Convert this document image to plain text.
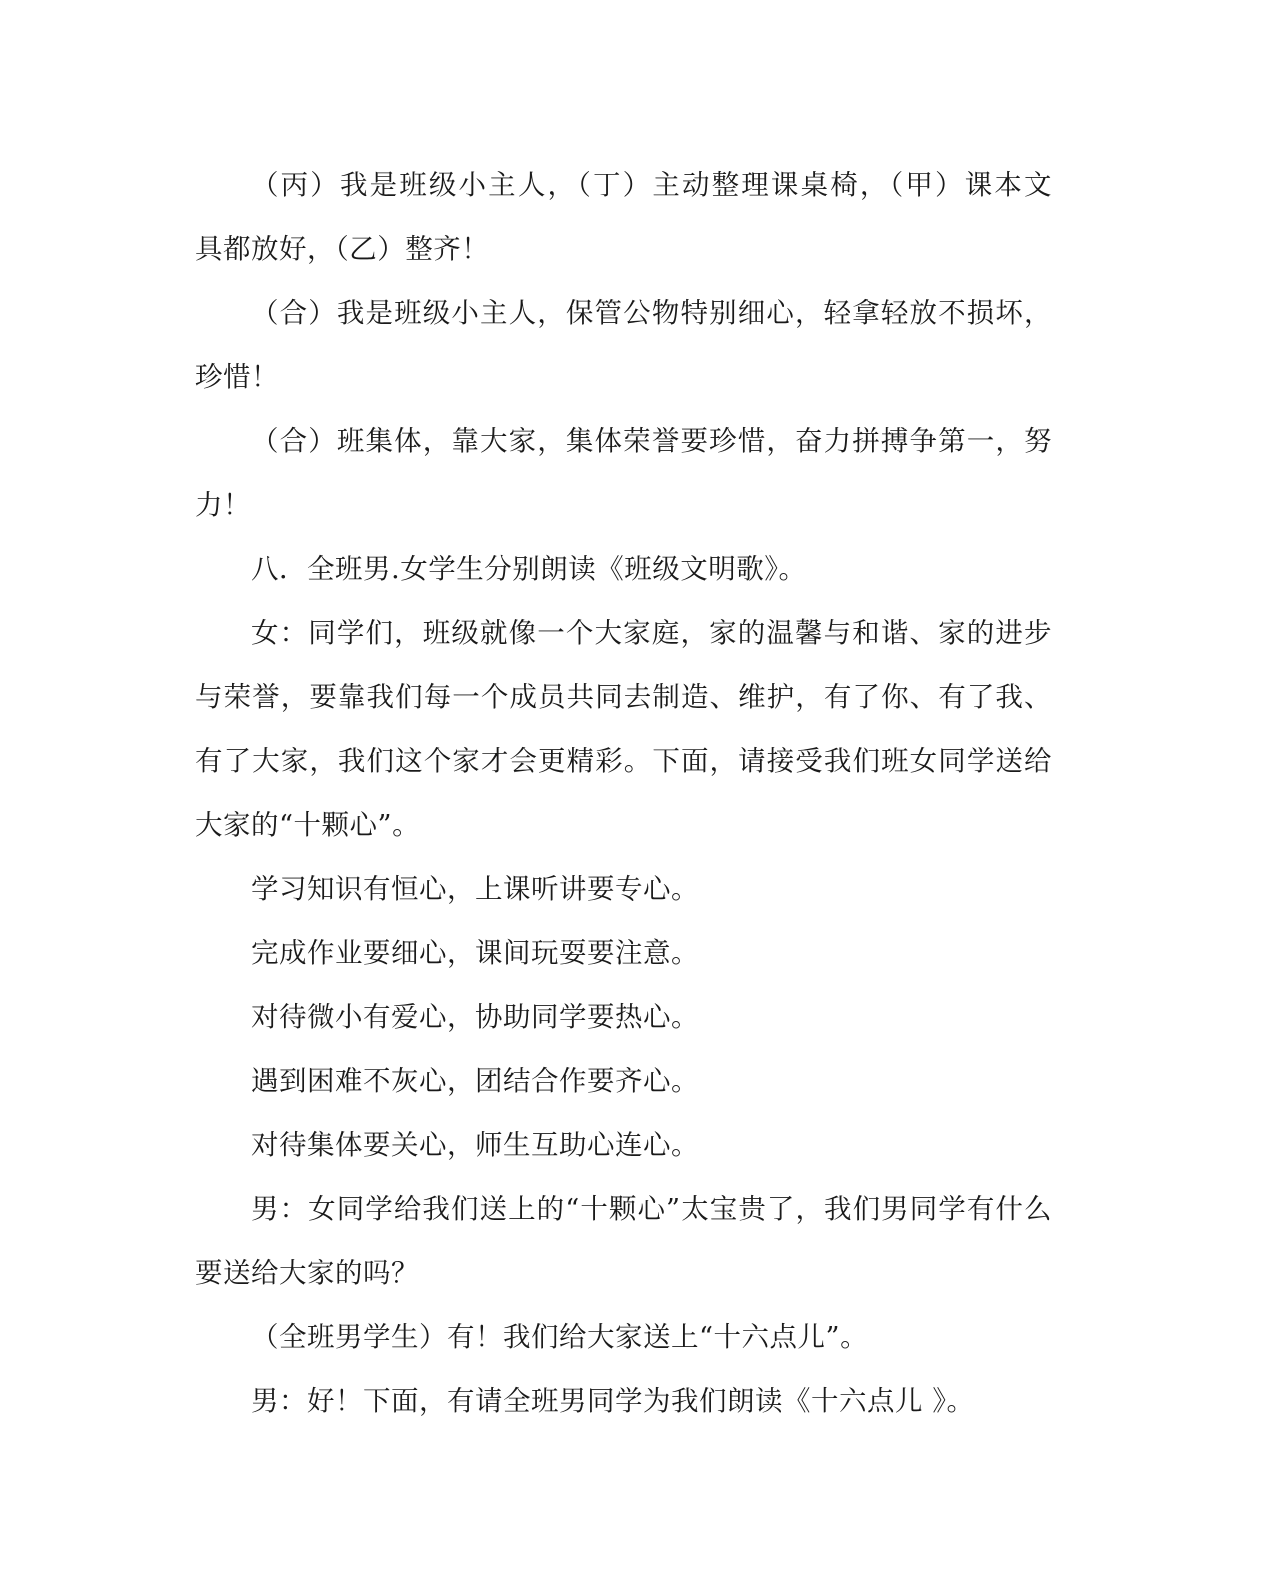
（丙）我是班级小主人，（丁）主动整理课桌椅，（甲）课本文

具都放好，（乙）整齐！

（合）我是班级小主人，保管公物特别细心，轻拿轻放不损坏，

珍惜！

（合）班集体，靠大家，集体荣誉要珍惜，奋力拼搏争第一，努

力！

八．全班男.女学生分别朗读《班级文明歌》。

女：同学们，班级就像一个大家庭，家的温馨与和谐、家的进步

与荣誉，要靠我们每一个成员共同去制造、维护，有了你、有了我、

有了大家，我们这个家才会更精彩。下面，请接受我们班女同学送给

大家的“十颗心”。

学习知识有恒心，上课听讲要专心。

完成作业要细心，课间玩耍要注意。

对待微小有爱心，协助同学要热心。

遇到困难不灰心，团结合作要齐心。

对待集体要关心，师生互助心连心。

男：女同学给我们送上的“十颗心”太宝贵了，我们男同学有什么

要送给大家的吗？

（全班男学生）有！我们给大家送上“十六点儿”。

男：好！下面，有请全班男同学为我们朗读《十六点儿 》。
